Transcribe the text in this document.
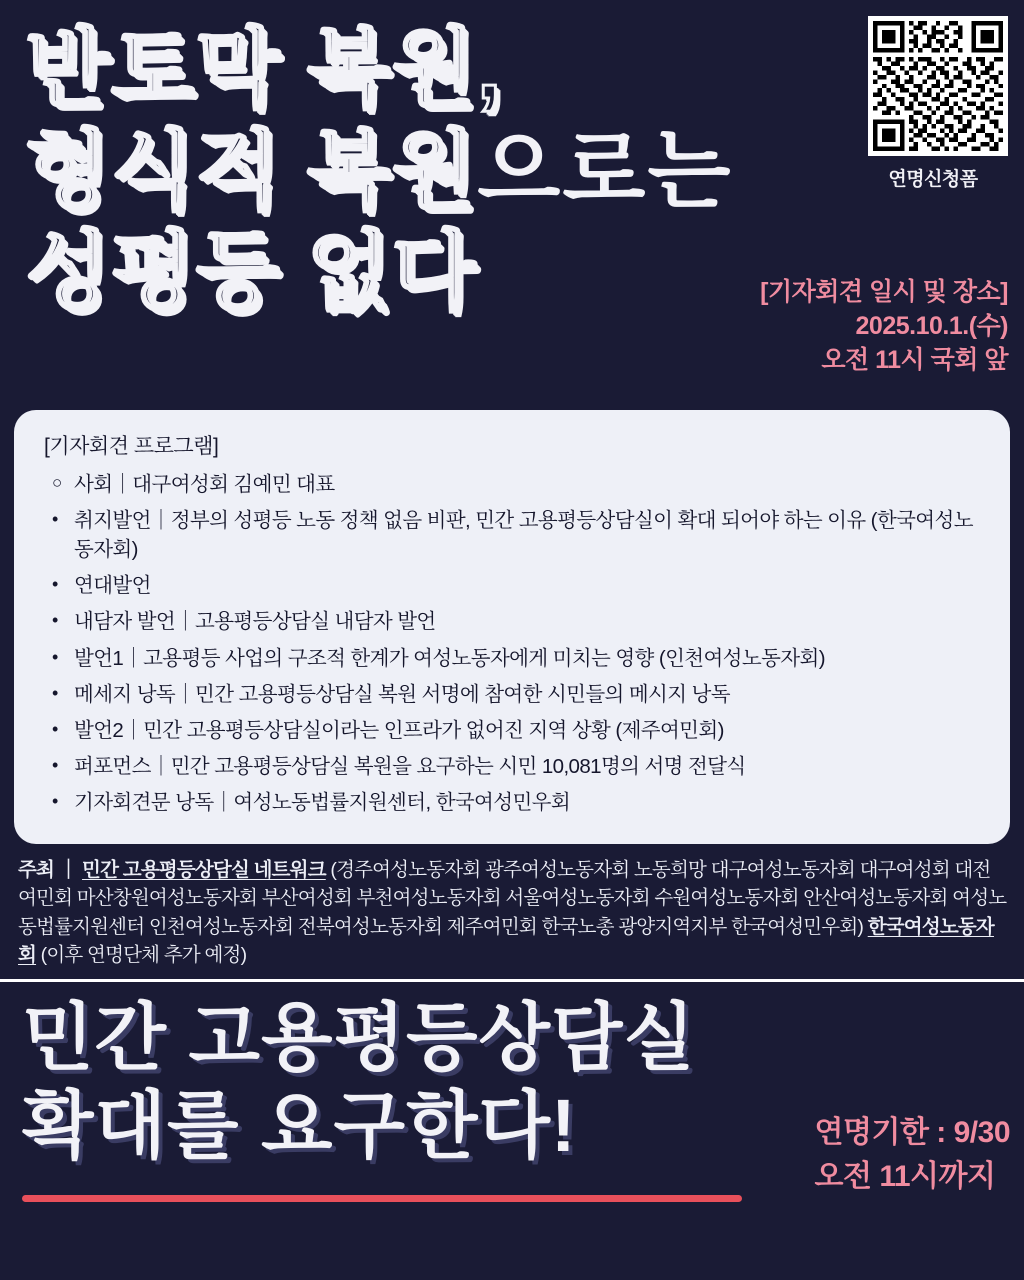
반토막 복원,
형식적 복원으로는
성평등 없다
연명신청폼
[기자회견 일시 및 장소]
2025.10.1.(수)
오전 11시 국회 앞
[기자회견 프로그램]
○ 사회｜대구여성회 김예민 대표
• 취지발언｜정부의 성평등 노동 정책 없음 비판, 민간 고용평등상담실이 확대 되어야 하는 이유 (한국여성노동자회)
• 연대발언
• 내담자 발언｜고용평등상담실 내담자 발언
• 발언1｜고용평등 사업의 구조적 한계가 여성노동자에게 미치는 영향 (인천여성노동자회)
• 메세지 낭독｜민간 고용평등상담실 복원 서명에 참여한 시민들의 메시지 낭독
• 발언2｜민간 고용평등상담실이라는 인프라가 없어진 지역 상황 (제주여민회)
• 퍼포먼스｜민간 고용평등상담실 복원을 요구하는 시민 10,081명의 서명 전달식
• 기자회견문 낭독｜여성노동법률지원센터, 한국여성민우회
주최 ｜ 민간 고용평등상담실 네트워크 (경주여성노동자회 광주여성노동자회 노동희망 대구여성노동자회 대구여성회 대전여민회 마산창원여성노동자회 부산여성회 부천여성노동자회 서울여성노동자회 수원여성노동자회 안산여성노동자회 여성노동법률지원센터 인천여성노동자회 전북여성노동자회 제주여민회 한국노총 광양지역지부 한국여성민우회) 한국여성노동자회 (이후 연명단체 추가 예정)
민간 고용평등상담실
확대를 요구한다!	연명기한 : 9/30
오전 11시까지
